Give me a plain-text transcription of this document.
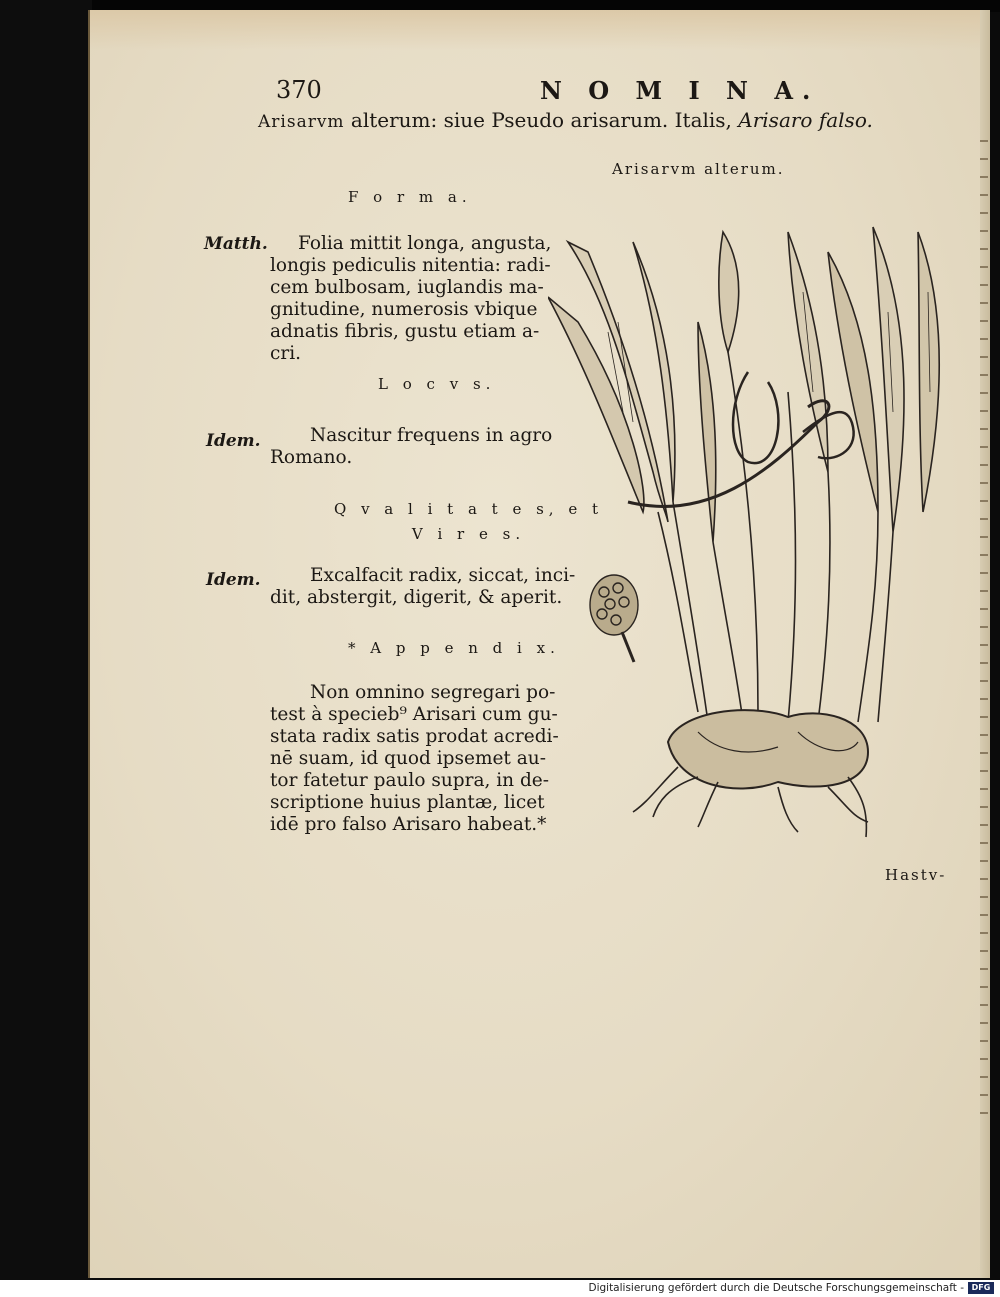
370	N O M I N A.
Arisarvm alterum: siue Pseudo arisarum. Italis, Arisaro falso.
Arisarvm alterum.
F o r m a.
Matth.	Folia mittit longa, angusta,
longis pediculis nitentia: radi-
cem bulbosam, iuglandis ma-
gnitudine, numerosis vbique
adnatis fibris, gustu etiam a-
cri.
L o c v s.
Idem.	Nascitur frequens in agro
Romano.
Q v a l i t a t e s, e t
V i r e s.
Idem.	Excalfacit radix, siccat, inci-
dit, abstergit, digerit, & aperit.
* A p p e n d i x.
Non omnino segregari po-
test à specieb⁹ Arisari cum gu-
stata radix satis prodat acredi-
nē suam, id quod ipsemet au-
tor fatetur paulo supra, in de-
scriptione huius plantæ, licet
idē pro falso Arisaro habeat.*
Hastv-
Digitalisierung gefördert durch die Deutsche Forschungsgemeinschaft - DFG
